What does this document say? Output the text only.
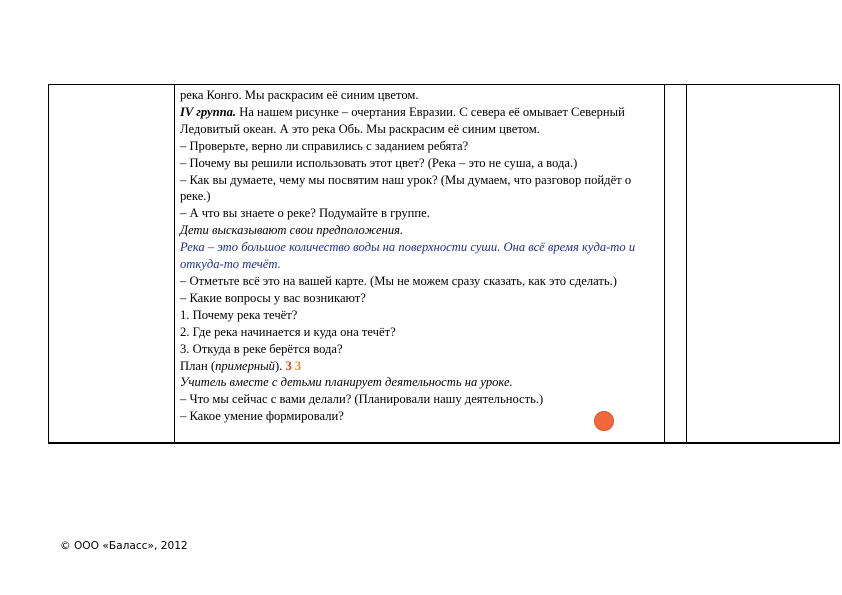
река Конго. Мы раскрасим её синим цветом.
IV группа. На нашем рисунке – очертания Евразии. С севера её омывает Северный Ледовитый океан. А это река Обь. Мы раскрасим её синим цветом.
– Проверьте, верно ли справились с заданием ребята?
– Почему вы решили использовать этот цвет? (Река – это не суша, а вода.)
– Как вы думаете, чему мы посвятим наш урок? (Мы думаем, что разговор пойдёт о реке.)
– А что вы знаете о реке? Подумайте в группе.
Дети высказывают свои предположения.
Река – это большое количество воды на поверхности суши. Она всё время куда-то и откуда-то течёт.
– Отметьте всё это на вашей карте. (Мы не можем сразу сказать, как это сделать.)
– Какие вопросы у вас возникают?
1. Почему река течёт?
2. Где река начинается и куда она течёт?
3. Откуда в реке берётся вода?
План (примерный). 3 3
Учитель вместе с детьми планирует деятельность на уроке.
– Что мы сейчас с вами делали? (Планировали нашу деятельность.)
– Какое умение формировали?
© ООО «Баласс», 2012
